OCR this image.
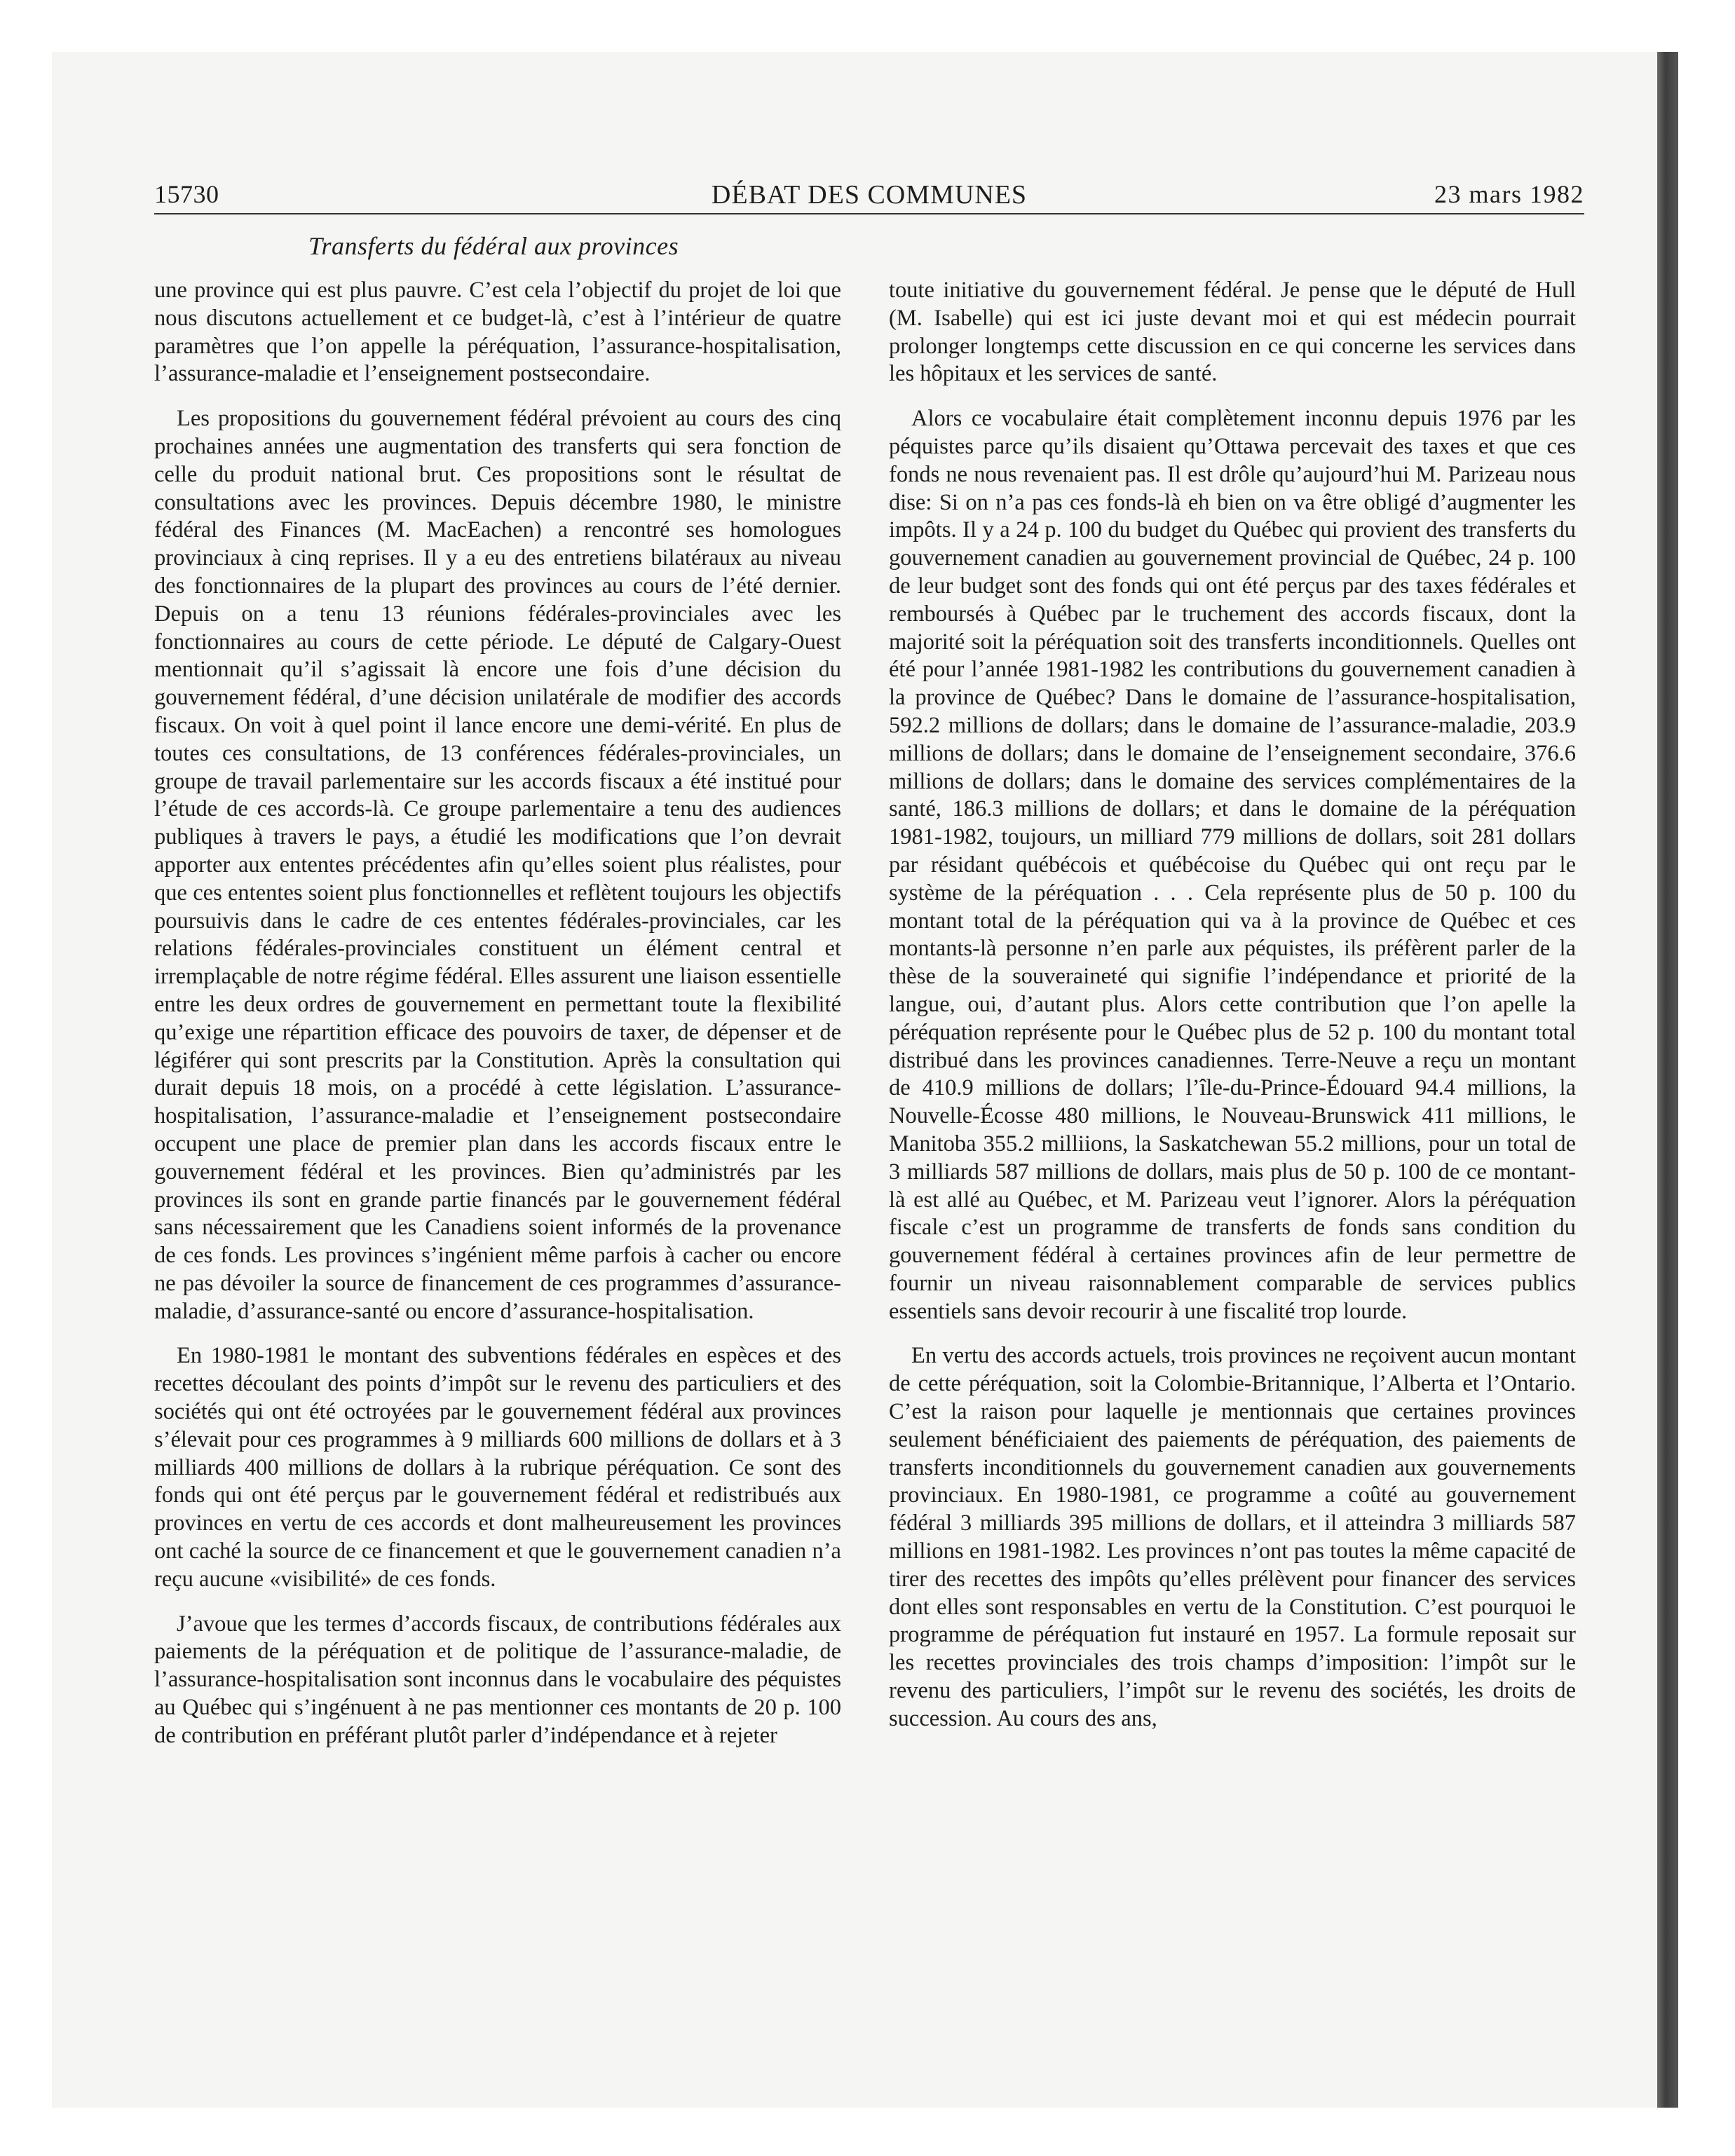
15730	DÉBAT DES COMMUNES	23 mars 1982
Transferts du fédéral aux provinces

une province qui est plus pauvre. C’est cela l’objectif du projet de loi que nous discutons actuellement et ce budget-là, c’est à l’intérieur de quatre paramètres que l’on appelle la péréquation, l’assurance-hospitalisation, l’assurance-maladie et l’enseignement postsecondaire.

Les propositions du gouvernement fédéral prévoient au cours des cinq prochaines années une augmentation des transferts qui sera fonction de celle du produit national brut. Ces propositions sont le résultat de consultations avec les provinces. Depuis décembre 1980, le ministre fédéral des Finances (M. MacEachen) a rencontré ses homologues provinciaux à cinq reprises. Il y a eu des entretiens bilatéraux au niveau des fonctionnaires de la plupart des provinces au cours de l’été dernier. Depuis on a tenu 13 réunions fédérales-provinciales avec les fonctionnaires au cours de cette période. Le député de Calgary-Ouest mentionnait qu’il s’agissait là encore une fois d’une décision du gouvernement fédéral, d’une décision unilatérale de modifier des accords fiscaux. On voit à quel point il lance encore une demi-vérité. En plus de toutes ces consultations, de 13 conférences fédérales-provinciales, un groupe de travail parlementaire sur les accords fiscaux a été institué pour l’étude de ces accords-là. Ce groupe parlementaire a tenu des audiences publiques à travers le pays, a étudié les modifications que l’on devrait apporter aux ententes précédentes afin qu’elles soient plus réalistes, pour que ces ententes soient plus fonctionnelles et reflètent toujours les objectifs poursuivis dans le cadre de ces ententes fédérales-provinciales, car les relations fédérales-provinciales constituent un élément central et irremplaçable de notre régime fédéral. Elles assurent une liaison essentielle entre les deux ordres de gouvernement en permettant toute la flexibilité qu’exige une répartition efficace des pouvoirs de taxer, de dépenser et de légiférer qui sont prescrits par la Constitution. Après la consultation qui durait depuis 18 mois, on a procédé à cette législation. L’assurance-hospitalisation, l’assurance-maladie et l’enseignement postsecondaire occupent une place de premier plan dans les accords fiscaux entre le gouvernement fédéral et les provinces. Bien qu’administrés par les provinces ils sont en grande partie financés par le gouvernement fédéral sans nécessairement que les Canadiens soient informés de la provenance de ces fonds. Les provinces s’ingénient même parfois à cacher ou encore ne pas dévoiler la source de financement de ces programmes d’assurance-maladie, d’assurance-santé ou encore d’assurance-hospitalisation.

En 1980-1981 le montant des subventions fédérales en espèces et des recettes découlant des points d’impôt sur le revenu des particuliers et des sociétés qui ont été octroyées par le gouvernement fédéral aux provinces s’élevait pour ces programmes à 9 milliards 600 millions de dollars et à 3 milliards 400 millions de dollars à la rubrique péréquation. Ce sont des fonds qui ont été perçus par le gouvernement fédéral et redistribués aux provinces en vertu de ces accords et dont malheureusement les provinces ont caché la source de ce financement et que le gouvernement canadien n’a reçu aucune «visibilité» de ces fonds.

J’avoue que les termes d’accords fiscaux, de contributions fédérales aux paiements de la péréquation et de politique de l’assurance-maladie, de l’assurance-hospitalisation sont inconnus dans le vocabulaire des péquistes au Québec qui s’ingénuent à ne pas mentionner ces montants de 20 p. 100 de contribution en préférant plutôt parler d’indépendance et à rejeter

toute initiative du gouvernement fédéral. Je pense que le député de Hull (M. Isabelle) qui est ici juste devant moi et qui est médecin pourrait prolonger longtemps cette discussion en ce qui concerne les services dans les hôpitaux et les services de santé.

Alors ce vocabulaire était complètement inconnu depuis 1976 par les péquistes parce qu’ils disaient qu’Ottawa percevait des taxes et que ces fonds ne nous revenaient pas. Il est drôle qu’aujourd’hui M. Parizeau nous dise: Si on n’a pas ces fonds-là eh bien on va être obligé d’augmenter les impôts. Il y a 24 p. 100 du budget du Québec qui provient des transferts du gouvernement canadien au gouvernement provincial de Québec, 24 p. 100 de leur budget sont des fonds qui ont été perçus par des taxes fédérales et remboursés à Québec par le truchement des accords fiscaux, dont la majorité soit la péréquation soit des transferts inconditionnels. Quelles ont été pour l’année 1981-1982 les contributions du gouvernement canadien à la province de Québec? Dans le domaine de l’assurance-hospitalisation, 592.2 millions de dollars; dans le domaine de l’assurance-maladie, 203.9 millions de dollars; dans le domaine de l’enseignement secondaire, 376.6 millions de dollars; dans le domaine des services complémentaires de la santé, 186.3 millions de dollars; et dans le domaine de la péréquation 1981-1982, toujours, un milliard 779 millions de dollars, soit 281 dollars par résidant québécois et québécoise du Québec qui ont reçu par le système de la péréquation . . . Cela représente plus de 50 p. 100 du montant total de la péréquation qui va à la province de Québec et ces montants-là personne n’en parle aux péquistes, ils préfèrent parler de la thèse de la souveraineté qui signifie l’indépendance et priorité de la langue, oui, d’autant plus. Alors cette contribution que l’on apelle la péréquation représente pour le Québec plus de 52 p. 100 du montant total distribué dans les provinces canadiennes. Terre-Neuve a reçu un montant de 410.9 millions de dollars; l’île-du-Prince-Édouard 94.4 millions, la Nouvelle-Écosse 480 millions, le Nouveau-Brunswick 411 millions, le Manitoba 355.2 milliions, la Saskatchewan 55.2 millions, pour un total de 3 milliards 587 millions de dollars, mais plus de 50 p. 100 de ce montant-là est allé au Québec, et M. Parizeau veut l’ignorer. Alors la péréquation fiscale c’est un programme de transferts de fonds sans condition du gouvernement fédéral à certaines provinces afin de leur permettre de fournir un niveau raisonnablement comparable de services publics essentiels sans devoir recourir à une fiscalité trop lourde.

En vertu des accords actuels, trois provinces ne reçoivent aucun montant de cette péréquation, soit la Colombie-Britannique, l’Alberta et l’Ontario. C’est la raison pour laquelle je mentionnais que certaines provinces seulement bénéficiaient des paiements de péréquation, des paiements de transferts inconditionnels du gouvernement canadien aux gouvernements provinciaux. En 1980-1981, ce programme a coûté au gouvernement fédéral 3 milliards 395 millions de dollars, et il atteindra 3 milliards 587 millions en 1981-1982. Les provinces n’ont pas toutes la même capacité de tirer des recettes des impôts qu’elles prélèvent pour financer des services dont elles sont responsables en vertu de la Constitution. C’est pourquoi le programme de péréquation fut instauré en 1957. La formule reposait sur les recettes provinciales des trois champs d’imposition: l’impôt sur le revenu des particuliers, l’impôt sur le revenu des sociétés, les droits de succession. Au cours des ans,
